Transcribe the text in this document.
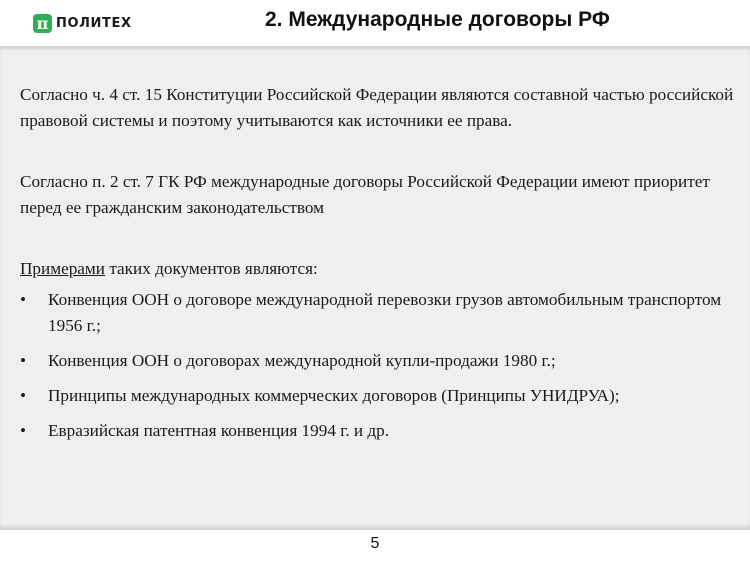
π ПОЛИТЕХ	2. Международные договоры РФ

Согласно ч. 4 ст. 15 Конституции Российской Федерации являются составной частью российской правовой системы и поэтому учитываются как источники ее права.

Согласно п. 2 ст. 7 ГК РФ международные договоры Российской Федерации имеют приоритет перед ее гражданским законодательством

Примерами таких документов являются:

• Конвенция ООН о договоре международной перевозки грузов автомобильным транспортом 1956 г.;
• Конвенция ООН о договорах международной купли-продажи 1980 г.;
• Принципы международных коммерческих договоров (Принципы УНИДРУА);
• Евразийская патентная конвенция 1994 г. и др.
5
